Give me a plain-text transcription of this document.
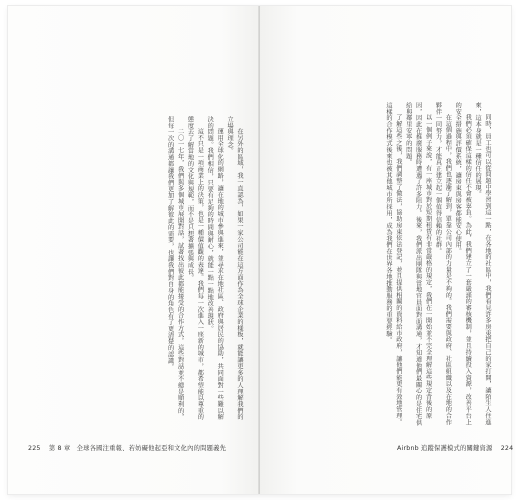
在另外的區域，我一直認為，如果一家公司能在這方面作為全球企業的樣板，就能讓更多的人理解我們的立場與理念。

運用全球化的網路，讓在地的城市參與進來，並尋求在地社區、政府與居民的協助，共同面對一些難以解決的問題。我們相信，只要有足夠的時間與耐心，就能一點一點地改善現狀。

這不只是一項商業上的決策，也是一種價值觀的表達。我們每一次進入一座新的城市，都希望能以尊重的態度去了解當地的文化與規範，而不是只想著擴張與成長。

二〇一七年，我們與多個城市展開對話，試著找出彼此都能接受的合作方式。這些對話並不總是順利的，但每一次的溝通都讓我們更加了解彼此的需要，也讓我們對自身的角色有了更清楚的認識。

225 第 8 章 全球各國注重報、若妨礙他起亞和文化內的問題義先

同時，員工也可以從問題中學習到這一點，在各地的社區中，我們看見許多房東把自己的家打開，讓陌生人住進來，這本身就是一種信任的展現。

我們必須確保這樣的信任不會被辜負。為此，我們建立了一套嚴謹的審核機制，並且持續投入資源，改善平台上的安全措施與評價系統，讓房東與房客都能安心使用。

在這個過程中，我們也逐漸了解到，單靠公司內部的力量是不夠的。我們需要與政府、社區組織以及在地的合作夥伴一同努力，才能真正建立起一個值得信賴的社群。

以一個例子來說，有一座城市對於短期租賃有非常嚴格的規定，我們在一開始並不完全理解這些規定背後的原因，因此在推廣服務時遭遇了許多阻力。後來，我們派出團隊與當地官員面對面溝通，才知道他們最關心的是住宅供給與鄰里安寧的問題。

了解這些之後，我們調整了做法，協助房東依法登記，並且提供相關的資料給市政府，讓他們能更有效地管理。這樣的合作模式後來也被其他城市所採用，成為我們在世界各地推動服務的重要經驗。

Airbnb 追蹤保護模式的關鍵資源 224
